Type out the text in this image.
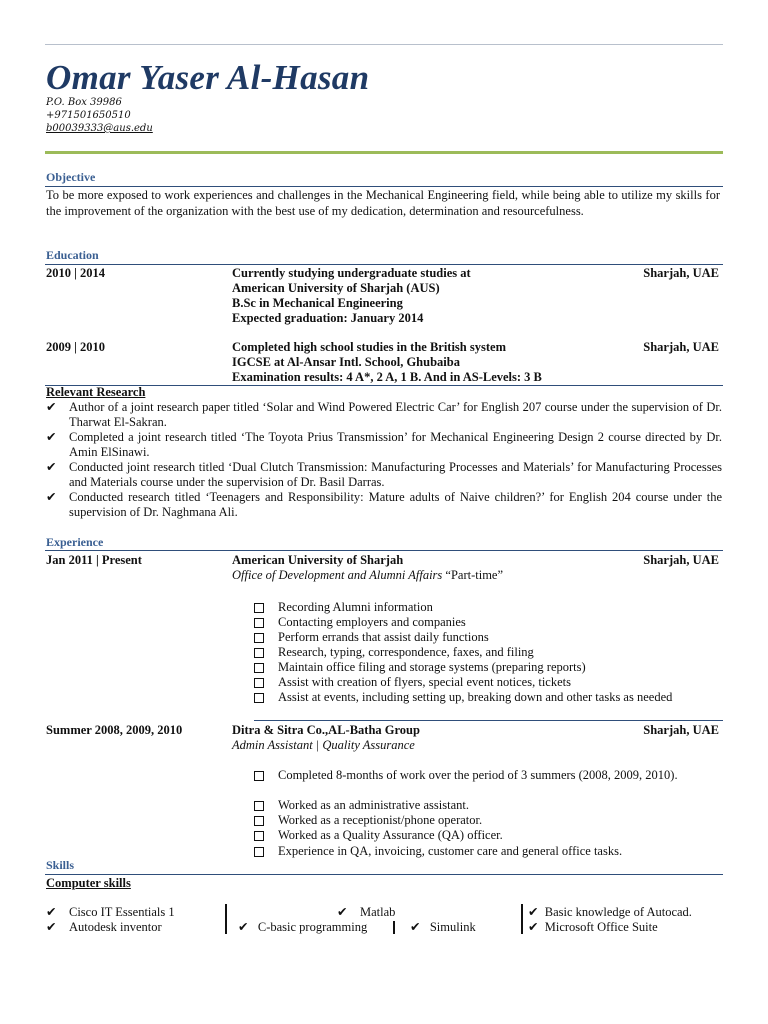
Omar Yaser Al-Hasan
P.O. Box 39986
+971501650510
b00039333@aus.edu
Objective
To be more exposed to work experiences and challenges in the Mechanical Engineering field, while being able to utilize my skills for the improvement of the organization with the best use of my dedication, determination and resourcefulness.
Education
2010 | 2014	Currently studying undergraduate studies at
American University of Sharjah (AUS)
B.Sc in Mechanical Engineering
Expected graduation: January 2014
Sharjah, UAE
2009 | 2010	Completed high school studies in the British system
IGCSE at Al-Ansar Intl. School, Ghubaiba
Examination results: 4 A*, 2 A, 1 B. And in AS-Levels: 3 B
Sharjah, UAE
Relevant Research
✔	Author of a joint research paper titled ‘Solar and Wind Powered Electric Car’ for English 207 course under the supervision of Dr. Tharwat El-Sakran.
✔	Completed a joint research titled ‘The Toyota Prius Transmission’ for Mechanical Engineering Design 2 course directed by Dr. Amin ElSinawi.
✔	Conducted joint research titled ‘Dual Clutch Transmission: Manufacturing Processes and Materials’ for Manufacturing Processes and Materials course under the supervision of Dr. Basil Darras.
✔	Conducted research titled ‘Teenagers and Responsibility: Mature adults of Naive children?’ for English 204 course under the supervision of Dr. Naghmana Ali.
Experience
Jan 2011 | Present	American University of Sharjah	Sharjah, UAE
Office of Development and Alumni Affairs “Part-time”
Recording Alumni information
Contacting employers and companies
Perform errands that assist daily functions
Research, typing, correspondence, faxes, and filing
Maintain office filing and storage systems (preparing reports)
Assist with creation of flyers, special event notices, tickets
Assist at events, including setting up, breaking down and other tasks as needed
Summer 2008, 2009, 2010	Ditra & Sitra Co.,AL-Batha Group	Sharjah, UAE
Admin Assistant | Quality Assurance
Completed 8-months of work over the period of 3 summers (2008, 2009, 2010).
Worked as an administrative assistant.
Worked as a receptionist/phone operator.
Worked as a Quality Assurance (QA) officer.
Experience in QA, invoicing, customer care and general office tasks.
Skills
Computer skills
✔ Cisco IT Essentials 1	✔ Matlab	✔ Basic knowledge of Autocad.
✔ Autodesk inventor	✔ C-basic programming	✔ Simulink	✔ Microsoft Office Suite
